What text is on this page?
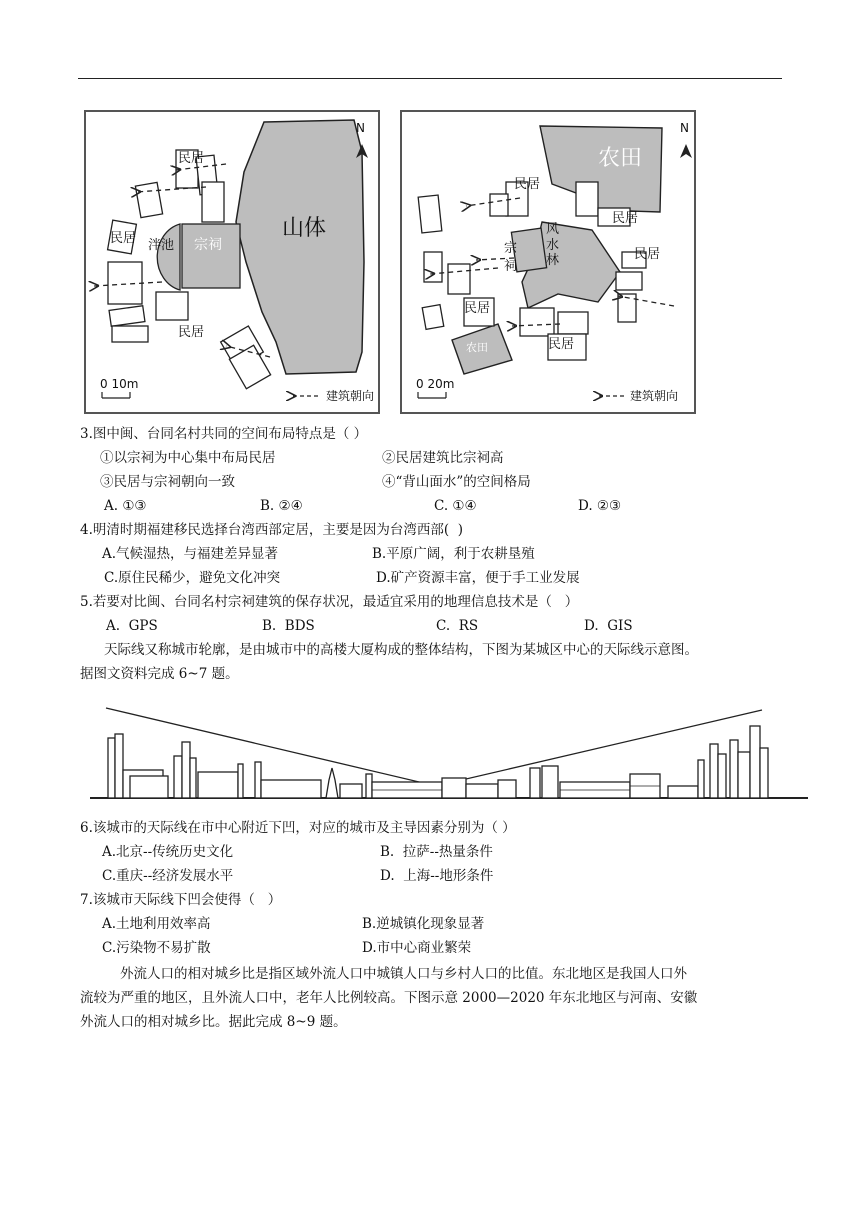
N
山体
宗祠
泮池
民居
民居
民居
0 10m
建筑朝向
N
农田
农田
风
水
林
宗
祠
民居
民居
民居
民居
民居
0 20m
建筑朝向
3.图中闽、台同名村共同的空间布局特点是（ ）
①以宗祠为中心集中布局民居	②民居建筑比宗祠高
③民居与宗祠朝向一致	④“背山面水”的空间格局
A. ①③	B. ②④	C. ①④	D. ②③
4.明清时期福建移民选择台湾西部定居，主要是因为台湾西部(  )
A.气候湿热，与福建差异显著	B.平原广阔，利于农耕垦殖
C.原住民稀少，避免文化冲突	D.矿产资源丰富，便于手工业发展
5.若要对比闽、台同名村宗祠建筑的保存状况，最适宜采用的地理信息技术是（   ）
A.  GPS	B.  BDS	C.  RS	D.  GIS
天际线又称城市轮廓，是由城市中的高楼大厦构成的整体结构，下图为某城区中心的天际线示意图。
据图文资料完成 6~7 题。
6.该城市的天际线在市中心附近下凹，对应的城市及主导因素分别为（ ）
A.北京--传统历史文化	B.  拉萨--热量条件
C.重庆--经济发展水平	D.  上海--地形条件
7.该城市天际线下凹会使得（   ）
A.土地利用效率高	B.逆城镇化现象显著
C.污染物不易扩散	D.市中心商业繁荣
外流人口的相对城乡比是指区域外流人口中城镇人口与乡村人口的比值。东北地区是我国人口外
流较为严重的地区，且外流人口中，老年人比例较高。下图示意 2000—2020 年东北地区与河南、安徽
外流人口的相对城乡比。据此完成 8~9 题。
